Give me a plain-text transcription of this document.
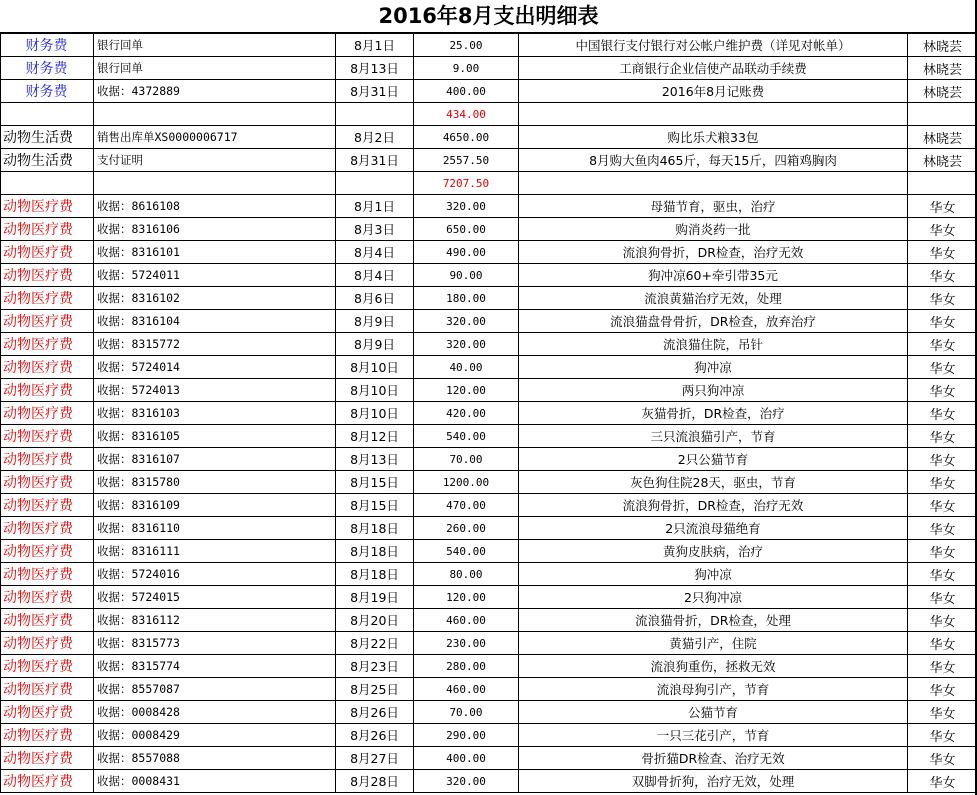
2016年8月支出明细表
财务费	银行回单	8月1日	25.00	中国银行支付银行对公帐户维护费（详见对帐单）	林晓芸
财务费	银行回单	8月13日	9.00	工商银行企业信使产品联动手续费	林晓芸
财务费	收据：4372889	8月31日	400.00	2016年8月记账费	林晓芸
			434.00		
动物生活费	销售出库单XS0000006717	8月2日	4650.00	购比乐犬粮33包	林晓芸
动物生活费	支付证明	8月31日	2557.50	8月购大鱼肉465斤，每天15斤，四箱鸡胸肉	林晓芸
			7207.50		
动物医疗费	收据：8616108	8月1日	320.00	母猫节育，驱虫，治疗	华女
动物医疗费	收据：8316106	8月3日	650.00	购消炎药一批	华女
动物医疗费	收据：8316101	8月4日	490.00	流浪狗骨折，DR检查，治疗无效	华女
动物医疗费	收据：5724011	8月4日	90.00	狗冲凉60+牵引带35元	华女
动物医疗费	收据：8316102	8月6日	180.00	流浪黄猫治疗无效，处理	华女
动物医疗费	收据：8316104	8月9日	320.00	流浪猫盘骨骨折，DR检查，放弃治疗	华女
动物医疗费	收据：8315772	8月9日	320.00	流浪猫住院，吊针	华女
动物医疗费	收据：5724014	8月10日	40.00	狗冲凉	华女
动物医疗费	收据：5724013	8月10日	120.00	两只狗冲凉	华女
动物医疗费	收据：8316103	8月10日	420.00	灰猫骨折，DR检查，治疗	华女
动物医疗费	收据：8316105	8月12日	540.00	三只流浪猫引产，节育	华女
动物医疗费	收据：8316107	8月13日	70.00	2只公猫节育	华女
动物医疗费	收据：8315780	8月15日	1200.00	灰色狗住院28天，驱虫，节育	华女
动物医疗费	收据：8316109	8月15日	470.00	流浪狗骨折，DR检查，治疗无效	华女
动物医疗费	收据：8316110	8月18日	260.00	2只流浪母猫绝育	华女
动物医疗费	收据：8316111	8月18日	540.00	黄狗皮肤病，治疗	华女
动物医疗费	收据：5724016	8月18日	80.00	狗冲凉	华女
动物医疗费	收据：5724015	8月19日	120.00	2只狗冲凉	华女
动物医疗费	收据：8316112	8月20日	460.00	流浪猫骨折，DR检查，处理	华女
动物医疗费	收据：8315773	8月22日	230.00	黄猫引产，住院	华女
动物医疗费	收据：8315774	8月23日	280.00	流浪狗重伤，拯救无效	华女
动物医疗费	收据：8557087	8月25日	460.00	流浪母狗引产，节育	华女
动物医疗费	收据：0008428	8月26日	70.00	公猫节育	华女
动物医疗费	收据：0008429	8月26日	290.00	一只三花引产，节育	华女
动物医疗费	收据：8557088	8月27日	400.00	骨折猫DR检查、治疗无效	华女
动物医疗费	收据：0008431	8月28日	320.00	双脚骨折狗，治疗无效，处理	华女
